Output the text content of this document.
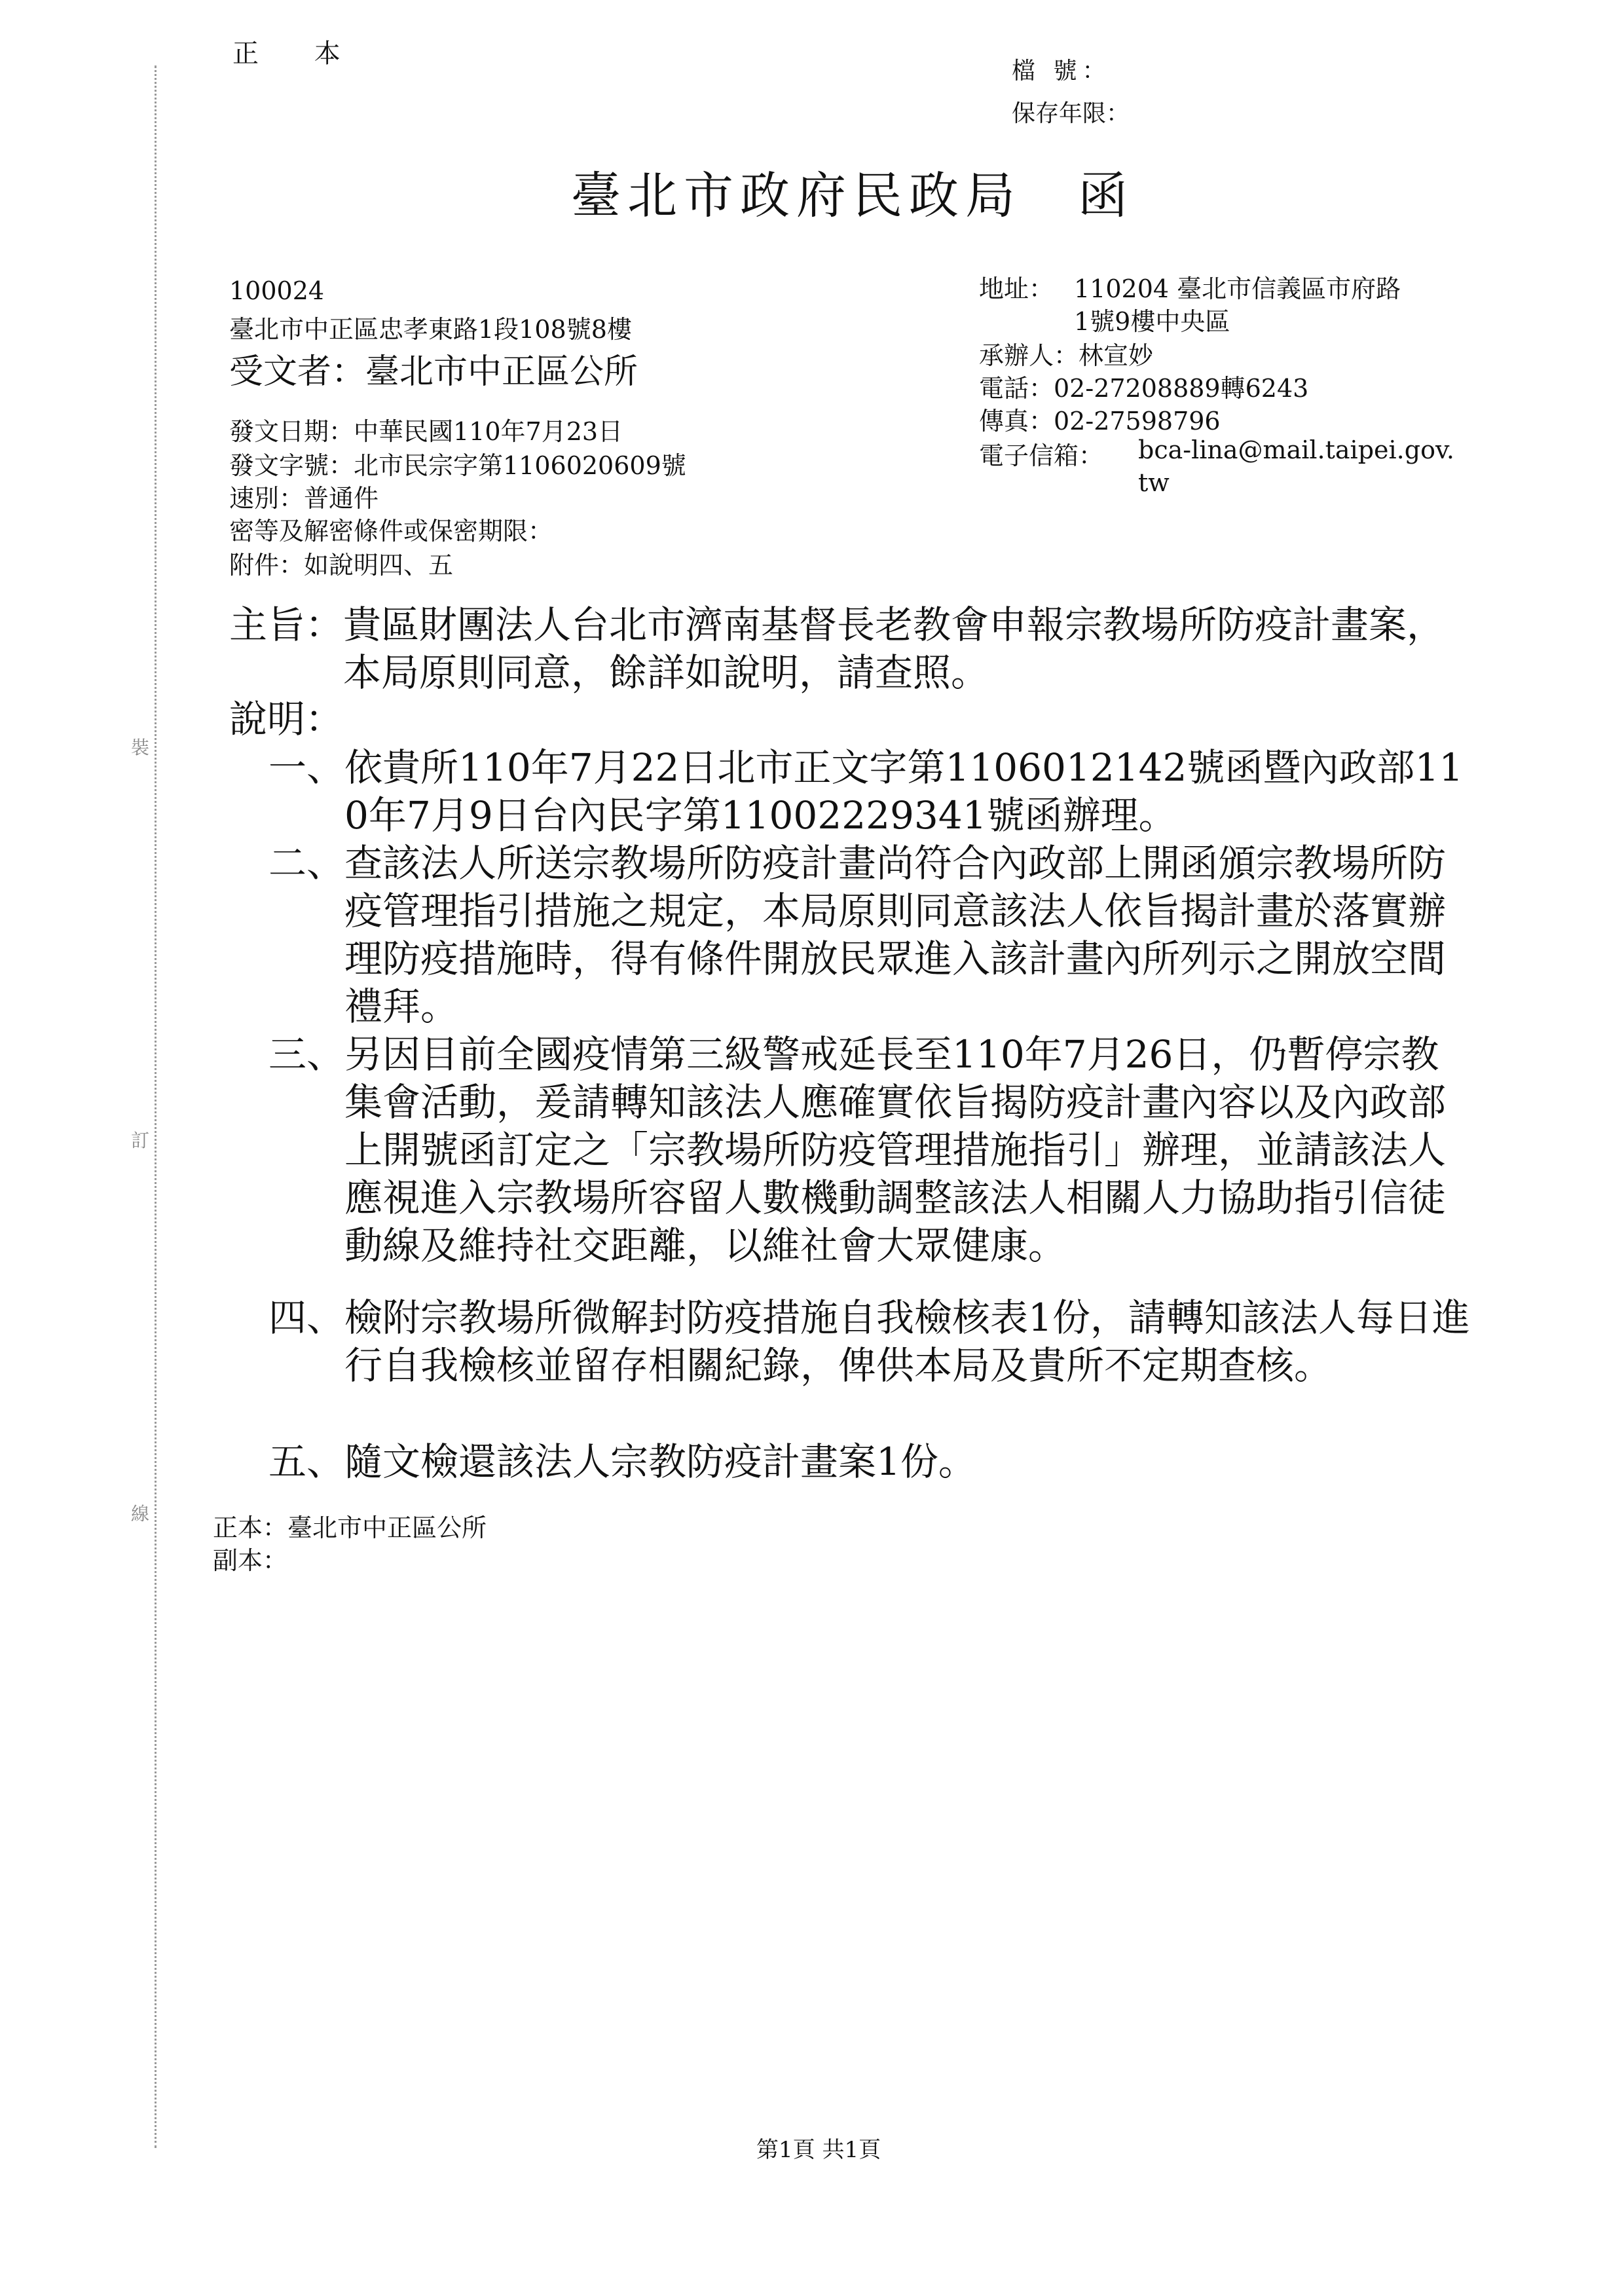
裝
訂
線
正 本
檔 號：
保存年限：
臺北市政府民政局　函
100024
臺北市中正區忠孝東路1段108號8樓
受文者：臺北市中正區公所
地址： 110204 臺北市信義區市府路
1號9樓中央區
承辦人：林宣妙
電話：02-27208889轉6243
傳真：02-27598796
電子信箱： bca-lina@mail.taipei.gov.
tw
發文日期：中華民國110年7月23日
發文字號：北市民宗字第1106020609號
速別：普通件
密等及解密條件或保密期限：
附件：如說明四、五
主旨： 貴區財團法人台北市濟南基督長老教會申報宗教場所防疫計畫案，本局原則同意，餘詳如說明，請查照。
說明：
一、 依貴所110年7月22日北市正文字第1106012142號函暨內政部110年7月9日台內民字第11002229341號函辦理。
二、 查該法人所送宗教場所防疫計畫尚符合內政部上開函頒宗教場所防疫管理指引措施之規定，本局原則同意該法人依旨揭計畫於落實辦理防疫措施時，得有條件開放民眾進入該計畫內所列示之開放空間禮拜。
三、 另因目前全國疫情第三級警戒延長至110年7月26日，仍暫停宗教集會活動，爰請轉知該法人應確實依旨揭防疫計畫內容以及內政部上開號函訂定之「宗教場所防疫管理措施指引」辦理，並請該法人應視進入宗教場所容留人數機動調整該法人相關人力協助指引信徒動線及維持社交距離，以維社會大眾健康。
四、 檢附宗教場所微解封防疫措施自我檢核表1份，請轉知該法人每日進行自我檢核並留存相關紀錄，俾供本局及貴所不定期查核。
五、 隨文檢還該法人宗教防疫計畫案1份。
正本：臺北市中正區公所
副本：
第1頁 共1頁
